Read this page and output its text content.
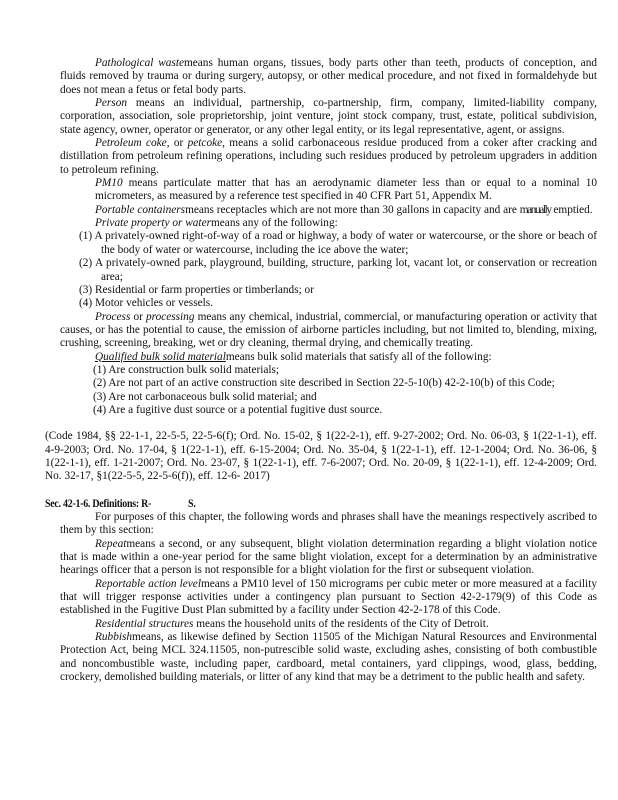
Pathological wastemeans human organs, tissues, body parts other than teeth, products of conception, and fluids removed by trauma or during surgery, autopsy, or other medical procedure, and not fixed in formaldehyde but does not mean a fetus or fetal body parts.
Person means an individual, partnership, co-partnership, firm, company, limited-liability company, corporation, association, sole proprietorship, joint venture, joint stock company, trust, estate, political subdivision, state agency, owner, operator or generator, or any other legal entity, or its legal representative, agent, or assigns.
Petroleum coke, or petcoke, means a solid carbonaceous residue produced from a coker after cracking and distillation from petroleum refining operations, including such residues produced by petroleum upgraders in addition to petroleum refining.
PM10 means particulate matter that has an aerodynamic diameter less than or equal to a nominal 10 micrometers, as measured by a reference test specified in 40 CFR Part 51, Appendix M.
Portable containersmeans receptacles which are not more than 30 gallons in capacity and are manually emptied.
Private property or watermeans any of the following:
(1) A privately-owned right-of-way of a road or highway, a body of water or watercourse, or the shore or beach of the body of water or watercourse, including the ice above the water;
(2) A privately-owned park, playground, building, structure, parking lot, vacant lot, or conservation or recreation area;
(3) Residential or farm properties or timberlands; or
(4) Motor vehicles or vessels.
Process or processing means any chemical, industrial, commercial, or manufacturing operation or activity that causes, or has the potential to cause, the emission of airborne particles including, but not limited to, blending, mixing, crushing, screening, breaking, wet or dry cleaning, thermal drying, and chemically treating.
Qualified bulk solid materialmeans bulk solid materials that satisfy all of the following:
(1) Are construction bulk solid materials;
(2) Are not part of an active construction site described in Section 22-5-10(b) 42-2-10(b) of this Code;
(3) Are not carbonaceous bulk solid material; and
(4) Are a fugitive dust source or a potential fugitive dust source.
(Code 1984, §§ 22-1-1, 22-5-5, 22-5-6(f); Ord. No. 15-02, § 1(22-2-1), eff. 9-27-2002; Ord. No. 06-03, § 1(22-1-1), eff. 4-9-2003; Ord. No. 17-04, § 1(22-1-1), eff. 6-15-2004; Ord. No. 35-04, § 1(22-1-1), eff. 12-1-2004; Ord. No. 36-06, § 1(22-1-1), eff. 1-21-2007; Ord. No. 23-07, § 1(22-1-1), eff. 7-6-2007; Ord. No. 20-09, § 1(22-1-1), eff. 12-4-2009; Ord. No. 32-17, §1(22-5-5, 22-5-6(f)), eff. 12-6- 2017)
Sec. 42-1-6. Definitions: R-	S.
For purposes of this chapter, the following words and phrases shall have the meanings respectively ascribed to them by this section:
Repeatmeans a second, or any subsequent, blight violation determination regarding a blight violation notice that is made within a one-year period for the same blight violation, except for a determination by an administrative hearings officer that a person is not responsible for a blight violation for the first or subsequent violation.
Reportable action levelmeans a PM10 level of 150 micrograms per cubic meter or more measured at a facility that will trigger response activities under a contingency plan pursuant to Section 42-2-179(9) of this Code as established in the Fugitive Dust Plan submitted by a facility under Section 42-2-178 of this Code.
Residential structures means the household units of the residents of the City of Detroit.
Rubbishmeans, as likewise defined by Section 11505 of the Michigan Natural Resources and Environmental Protection Act, being MCL 324.11505, non-putrescible solid waste, excluding ashes, consisting of both combustible and noncombustible waste, including paper, cardboard, metal containers, yard clippings, wood, glass, bedding, crockery, demolished building materials, or litter of any kind that may be a detriment to the public health and safety.
